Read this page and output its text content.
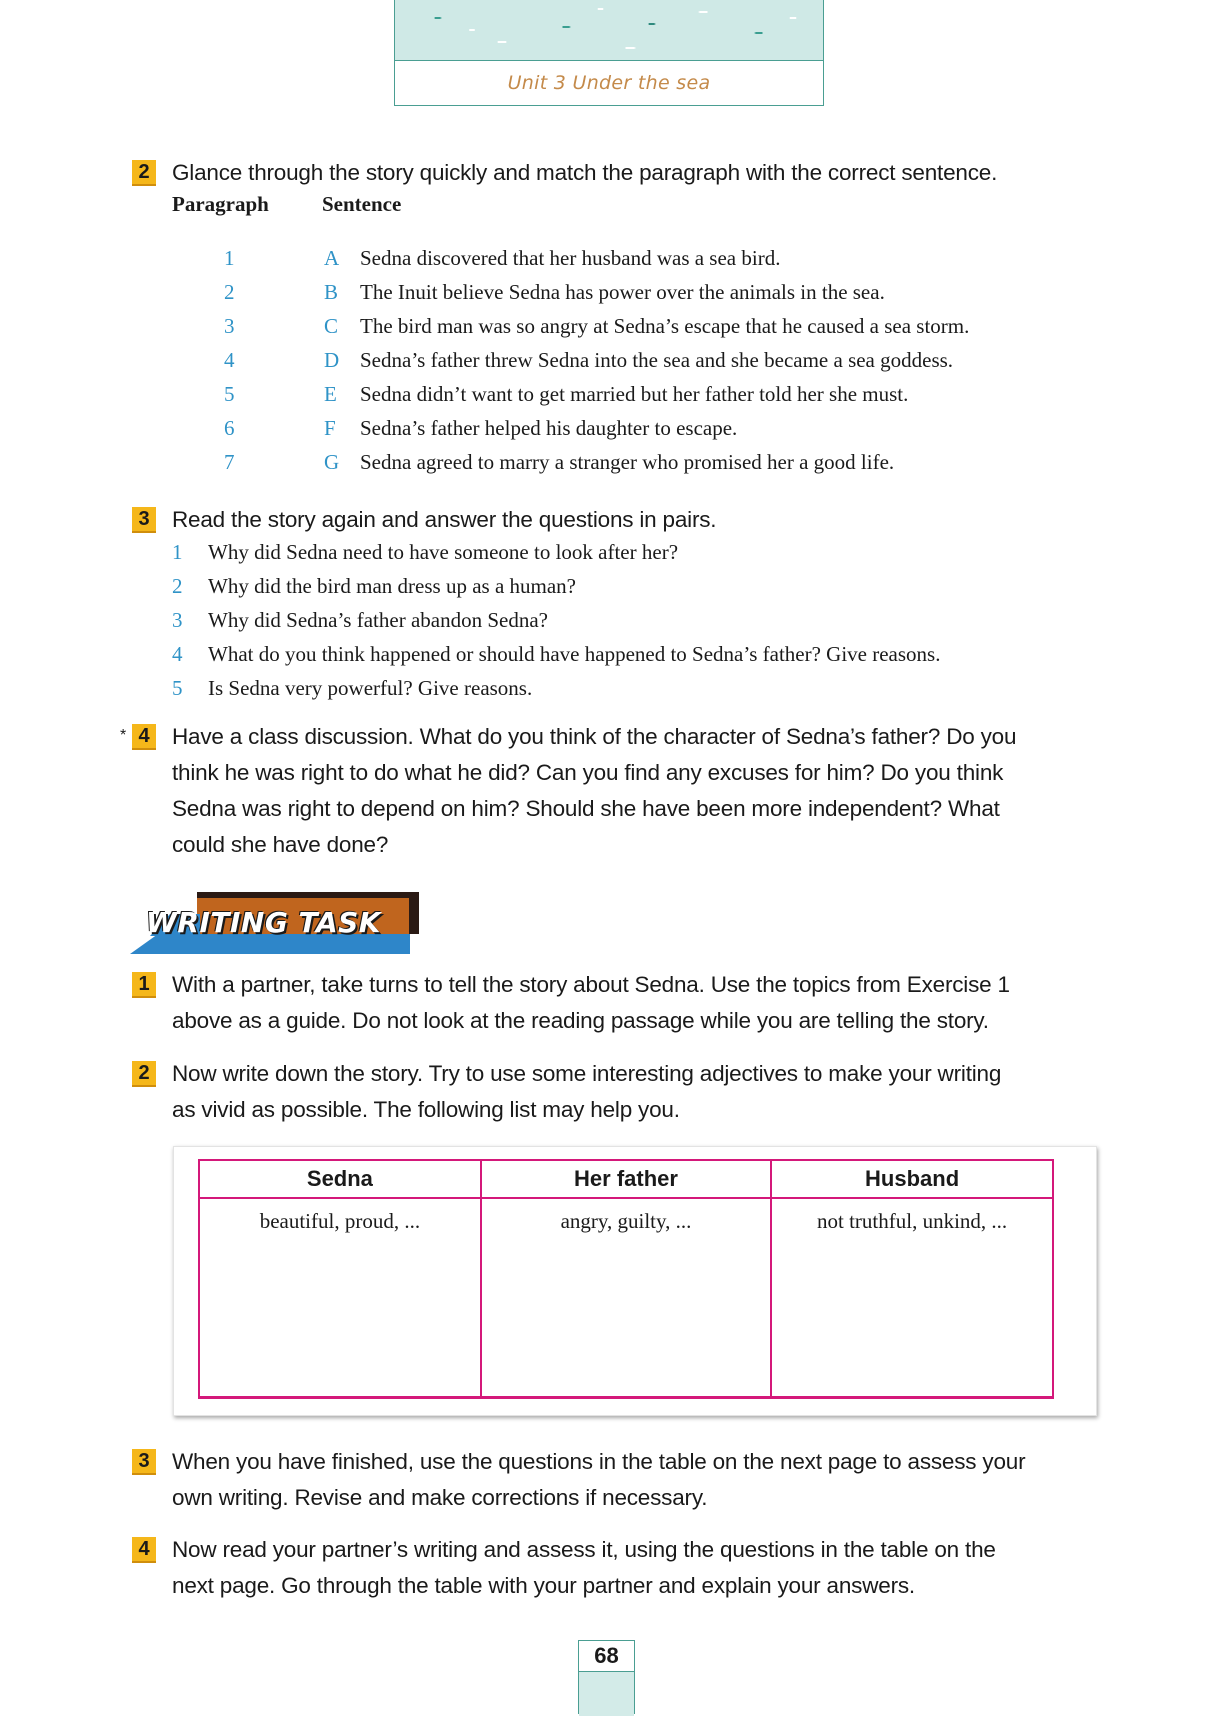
Unit 3 Under the sea
2 Glance through the story quickly and match the paragraph with the correct sentence.
Paragraph	Sentence
1	A Sedna discovered that her husband was a sea bird.
2	B The Inuit believe Sedna has power over the animals in the sea.
3	C The bird man was so angry at Sedna’s escape that he caused a sea storm.
4	D Sedna’s father threw Sedna into the sea and she became a sea goddess.
5	E Sedna didn’t want to get married but her father told her she must.
6	F Sedna’s father helped his daughter to escape.
7	G Sedna agreed to marry a stranger who promised her a good life.
3 Read the story again and answer the questions in pairs.
1 Why did Sedna need to have someone to look after her?
2 Why did the bird man dress up as a human?
3 Why did Sedna’s father abandon Sedna?
4 What do you think happened or should have happened to Sedna’s father? Give reasons.
5 Is Sedna very powerful? Give reasons.
* 4 Have a class discussion. What do you think of the character of Sedna’s father? Do you
think he was right to do what he did? Can you find any excuses for him? Do you think
Sedna was right to depend on him? Should she have been more independent? What
could she have done?
WRITING TASK
1 With a partner, take turns to tell the story about Sedna. Use the topics from Exercise 1
above as a guide. Do not look at the reading passage while you are telling the story.
2 Now write down the story. Try to use some interesting adjectives to make your writing
as vivid as possible. The following list may help you.
Sedna	Her father	Husband
beautiful, proud, ...	angry, guilty, ...	not truthful, unkind, ...
3 When you have finished, use the questions in the table on the next page to assess your
own writing. Revise and make corrections if necessary.
4 Now read your partner’s writing and assess it, using the questions in the table on the
next page. Go through the table with your partner and explain your answers.
68
